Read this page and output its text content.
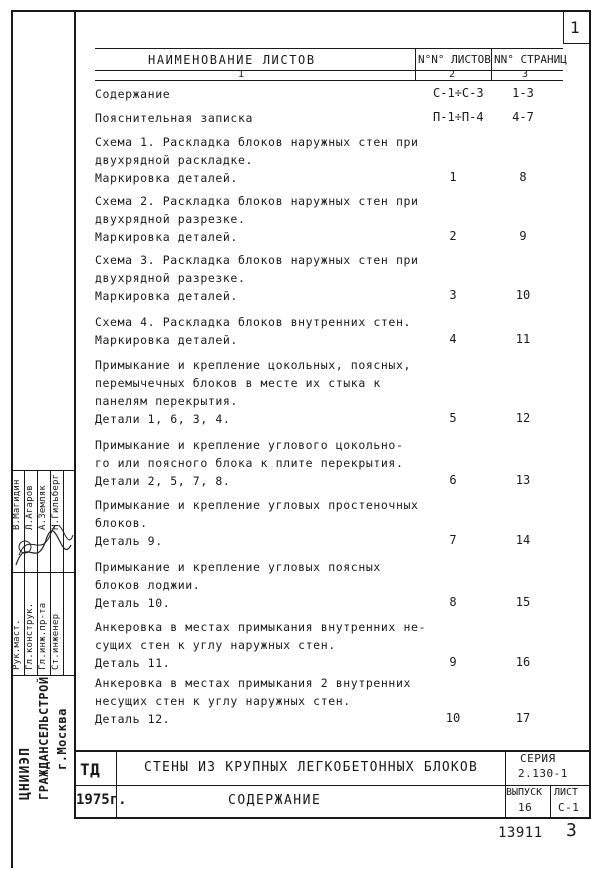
1
НАИМЕНОВАНИЕ ЛИСТОВ	N°N° ЛИСТОВ NN° СТРАНИЦ
1	2	3
Содержание	С-1÷С-3	1-3
Пояснительная записка	П-1÷П-4	4-7
Схема 1. Раскладка блоков наружных стен при
двухрядной раскладке.
Маркировка деталей.	1	8
Схема 2. Раскладка блоков наружных стен при
двухрядной разрезке.
Маркировка деталей.	2	9
Схема 3. Раскладка блоков наружных стен при
двухрядной разрезке.
Маркировка деталей.	3	10
Схема 4. Раскладка блоков внутренних стен.
Маркировка деталей.	4	11
Примыкание и крепление цокольных, поясных,
перемычечных блоков в месте их стыка к
панелям перекрытия.
Детали 1, 6, 3, 4.	5	12
Примыкание и крепление углового цокольно-
го или поясного блока к плите перекрытия.
Детали 2, 5, 7, 8.	6	13
Примыкание и крепление угловых простеночных
блоков.
Деталь 9.	7	14
Примыкание и крепление угловых поясных
блоков лоджии.
Деталь 10.	8	15
Анкеровка в местах примыкания внутренних не-
сущих стен к углу наружных стен.
Деталь 11.	9	16
Анкеровка в местах примыкания 2 внутренних
несущих стен к углу наружных стен.
Деталь 12.	10	17
Рук.маст. Гл.конструк. Гл.инж.пр-та Ст.инженер
В.Магидин Л.Агаров А.Земляк Н.Гильберг
ЦНИИЭП ГРАЖДАНСЕЛЬСТРОЙ г.Москва ТД	СТЕНЫ ИЗ КРУПНЫХ ЛЕГКОБЕТОННЫХ БЛОКОВ
СЕРИЯ
2.130-1
1975г.	СОДЕРЖАНИЕ
ВЫПУСК
16
ЛИСТ
С-1
13911 3
